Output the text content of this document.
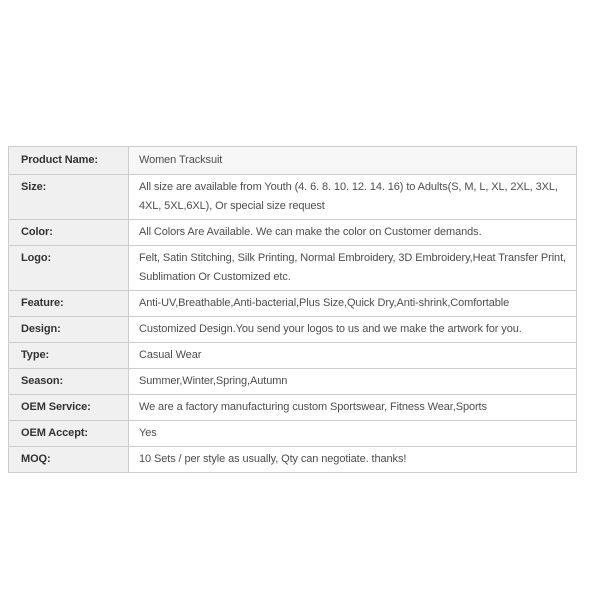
Product Name:	Women Tracksuit
Size:	All size are available from Youth (4. 6. 8. 10. 12. 14. 16) to Adults(S, M, L, XL, 2XL, 3XL, 4XL, 5XL,6XL), Or special size request
Color:	All Colors Are Available. We can make the color on Customer demands.
Logo:	Felt, Satin Stitching, Silk Printing, Normal Embroidery, 3D Embroidery,Heat Transfer Print, Sublimation Or Customized etc.
Feature:	Anti-UV,Breathable,Anti-bacterial,Plus Size,Quick Dry,Anti-shrink,Comfortable
Design:	Customized Design.You send your logos to us and we make the artwork for you.
Type:	Casual Wear
Season:	Summer,Winter,Spring,Autumn
OEM Service:	We are a factory manufacturing custom Sportswear, Fitness Wear,Sports
OEM Accept:	Yes
MOQ:	10 Sets / per style as usually, Qty can negotiate. thanks!
